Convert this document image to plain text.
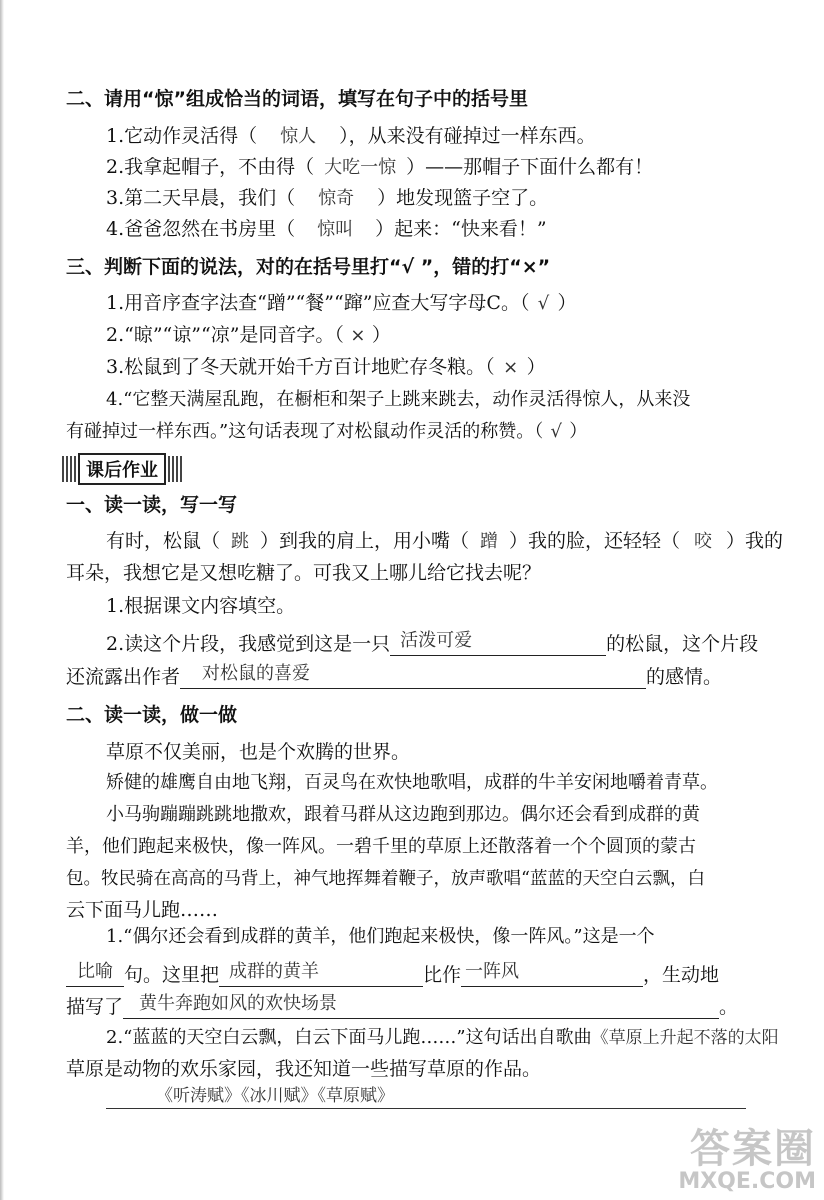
二、请用“惊”组成恰当的词语，填写在句子中的括号里
1.它动作灵活得（ 惊人 ），从来没有碰掉过一样东西。
2.我拿起帽子，不由得（ 大吃一惊 ）——那帽子下面什么都有！
3.第二天早晨，我们（ 惊奇 ）地发现篮子空了。
4.爸爸忽然在书房里（ 惊叫 ）起来：“快来看！”
三、判断下面的说法，对的在括号里打“√ ”，错的打“×”
1.用音序查字法查“蹭”“餐”“蹿”应查大写字母C。（ √ ）
2.“晾”“谅”“凉”是同音字。（ × ）
3.松鼠到了冬天就开始千方百计地贮存冬粮。（ × ）
4.“它整天满屋乱跑，在橱柜和架子上跳来跳去，动作灵活得惊人，从来没
有碰掉过一样东西。”这句话表现了对松鼠动作灵活的称赞。（ √ ）
课后作业
一、读一读，写一写
有时，松鼠（ 跳 ）到我的肩上，用小嘴（ 蹭 ）我的脸，还轻轻（ 咬 ）我的
耳朵，我想它是又想吃糖了。可我又上哪儿给它找去呢？
1.根据课文内容填空。
2.读这个片段，我感觉到这是一只 活泼可爱	的松鼠，这个片段
还流露出作者	对松鼠的喜爱	的感情。
二、读一读，做一做
草原不仅美丽，也是个欢腾的世界。
矫健的雄鹰自由地飞翔，百灵鸟在欢快地歌唱，成群的牛羊安闲地嚼着青草。
小马驹蹦蹦跳跳地撒欢，跟着马群从这边跑到那边。偶尔还会看到成群的黄
羊，他们跑起来极快，像一阵风。一碧千里的草原上还散落着一个个圆顶的蒙古
包。牧民骑在高高的马背上，神气地挥舞着鞭子，放声歌唱“蓝蓝的天空白云飘，白
云下面马儿跑……
1.“偶尔还会看到成群的黄羊，他们跑起来极快，像一阵风。”这是一个
比喻 句。这里把 成群的黄羊	比作 一阵风	，生动地
描写了 黄牛奔跑如风的欢快场景	。
2.“蓝蓝的天空白云飘，白云下面马儿跑……”这句话出自歌曲《草原上升起不落的太阳
草原是动物的欢乐家园，我还知道一些描写草原的作品。
《听涛赋》《冰川赋》《草原赋》
答案圈
MXQE.COM
